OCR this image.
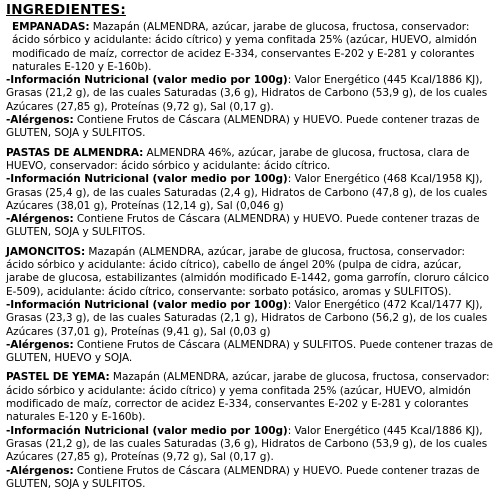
INGREDIENTES:

EMPANADAS: Mazapán (ALMENDRA, azúcar, jarabe de glucosa, fructosa, conservador: ácido sórbico y acidulante: ácido cítrico) y yema confitada 25% (azúcar, HUEVO, almidón modificado de maíz, corrector de acidez E-334, conservantes E-202 y E-281 y colorantes naturales E-120 y E-160b).

-Información Nutricional (valor medio por 100g): Valor Energético (445 Kcal/1886 KJ), Grasas (21,2 g), de las cuales Saturadas (3,6 g), Hidratos de Carbono (53,9 g), de los cuales Azúcares (27,85 g), Proteínas (9,72 g), Sal (0,17 g).

-Alérgenos: Contiene Frutos de Cáscara (ALMENDRA) y HUEVO. Puede contener trazas de GLUTEN, SOJA y SULFITOS.

PASTAS DE ALMENDRA: ALMENDRA 46%, azúcar, jarabe de glucosa, fructosa, clara de HUEVO, conservador: ácido sórbico y acidulante: ácido cítrico.

-Información Nutricional (valor medio por 100g): Valor Energético (468 Kcal/1958 KJ), Grasas (25,4 g), de las cuales Saturadas (2,4 g), Hidratos de Carbono (47,8 g), de los cuales Azúcares (38,01 g), Proteínas (12,14 g), Sal (0,046 g)

-Alérgenos: Contiene Frutos de Cáscara (ALMENDRA) y HUEVO. Puede contener trazas de GLUTEN, SOJA y SULFITOS.

JAMONCITOS: Mazapán (ALMENDRA, azúcar, jarabe de glucosa, fructosa, conservador: ácido sórbico y acidulante: ácido cítrico), cabello de ángel 20% (pulpa de cidra, azúcar, jarabe de glucosa, estabilizantes (almidón modificado E-1442, goma garrofín, cloruro cálcico E-509), acidulante: ácido cítrico, conservante: sorbato potásico, aromas y SULFITOS).

-Información Nutricional (valor medio por 100g): Valor Energético (472 Kcal/1477 KJ), Grasas (23,3 g), de las cuales Saturadas (2,1 g), Hidratos de Carbono (56,2 g), de los cuales Azúcares (37,01 g), Proteínas (9,41 g), Sal (0,03 g)

-Alérgenos: Contiene Frutos de Cáscara (ALMENDRA) y SULFITOS. Puede contener trazas de GLUTEN, HUEVO y SOJA.

PASTEL DE YEMA: Mazapán (ALMENDRA, azúcar, jarabe de glucosa, fructosa, conservador: ácido sórbico y acidulante: ácido cítrico) y yema confitada 25% (azúcar, HUEVO, almidón modificado de maíz, corrector de acidez E-334, conservantes E-202 y E-281 y colorantes naturales E-120 y E-160b).

-Información Nutricional (valor medio por 100g): Valor Energético (445 Kcal/1886 KJ), Grasas (21,2 g), de las cuales Saturadas (3,6 g), Hidratos de Carbono (53,9 g), de los cuales Azúcares (27,85 g), Proteínas (9,72 g), Sal (0,17 g).

-Alérgenos: Contiene Frutos de Cáscara (ALMENDRA) y HUEVO. Puede contener trazas de GLUTEN, SOJA y SULFITOS.
